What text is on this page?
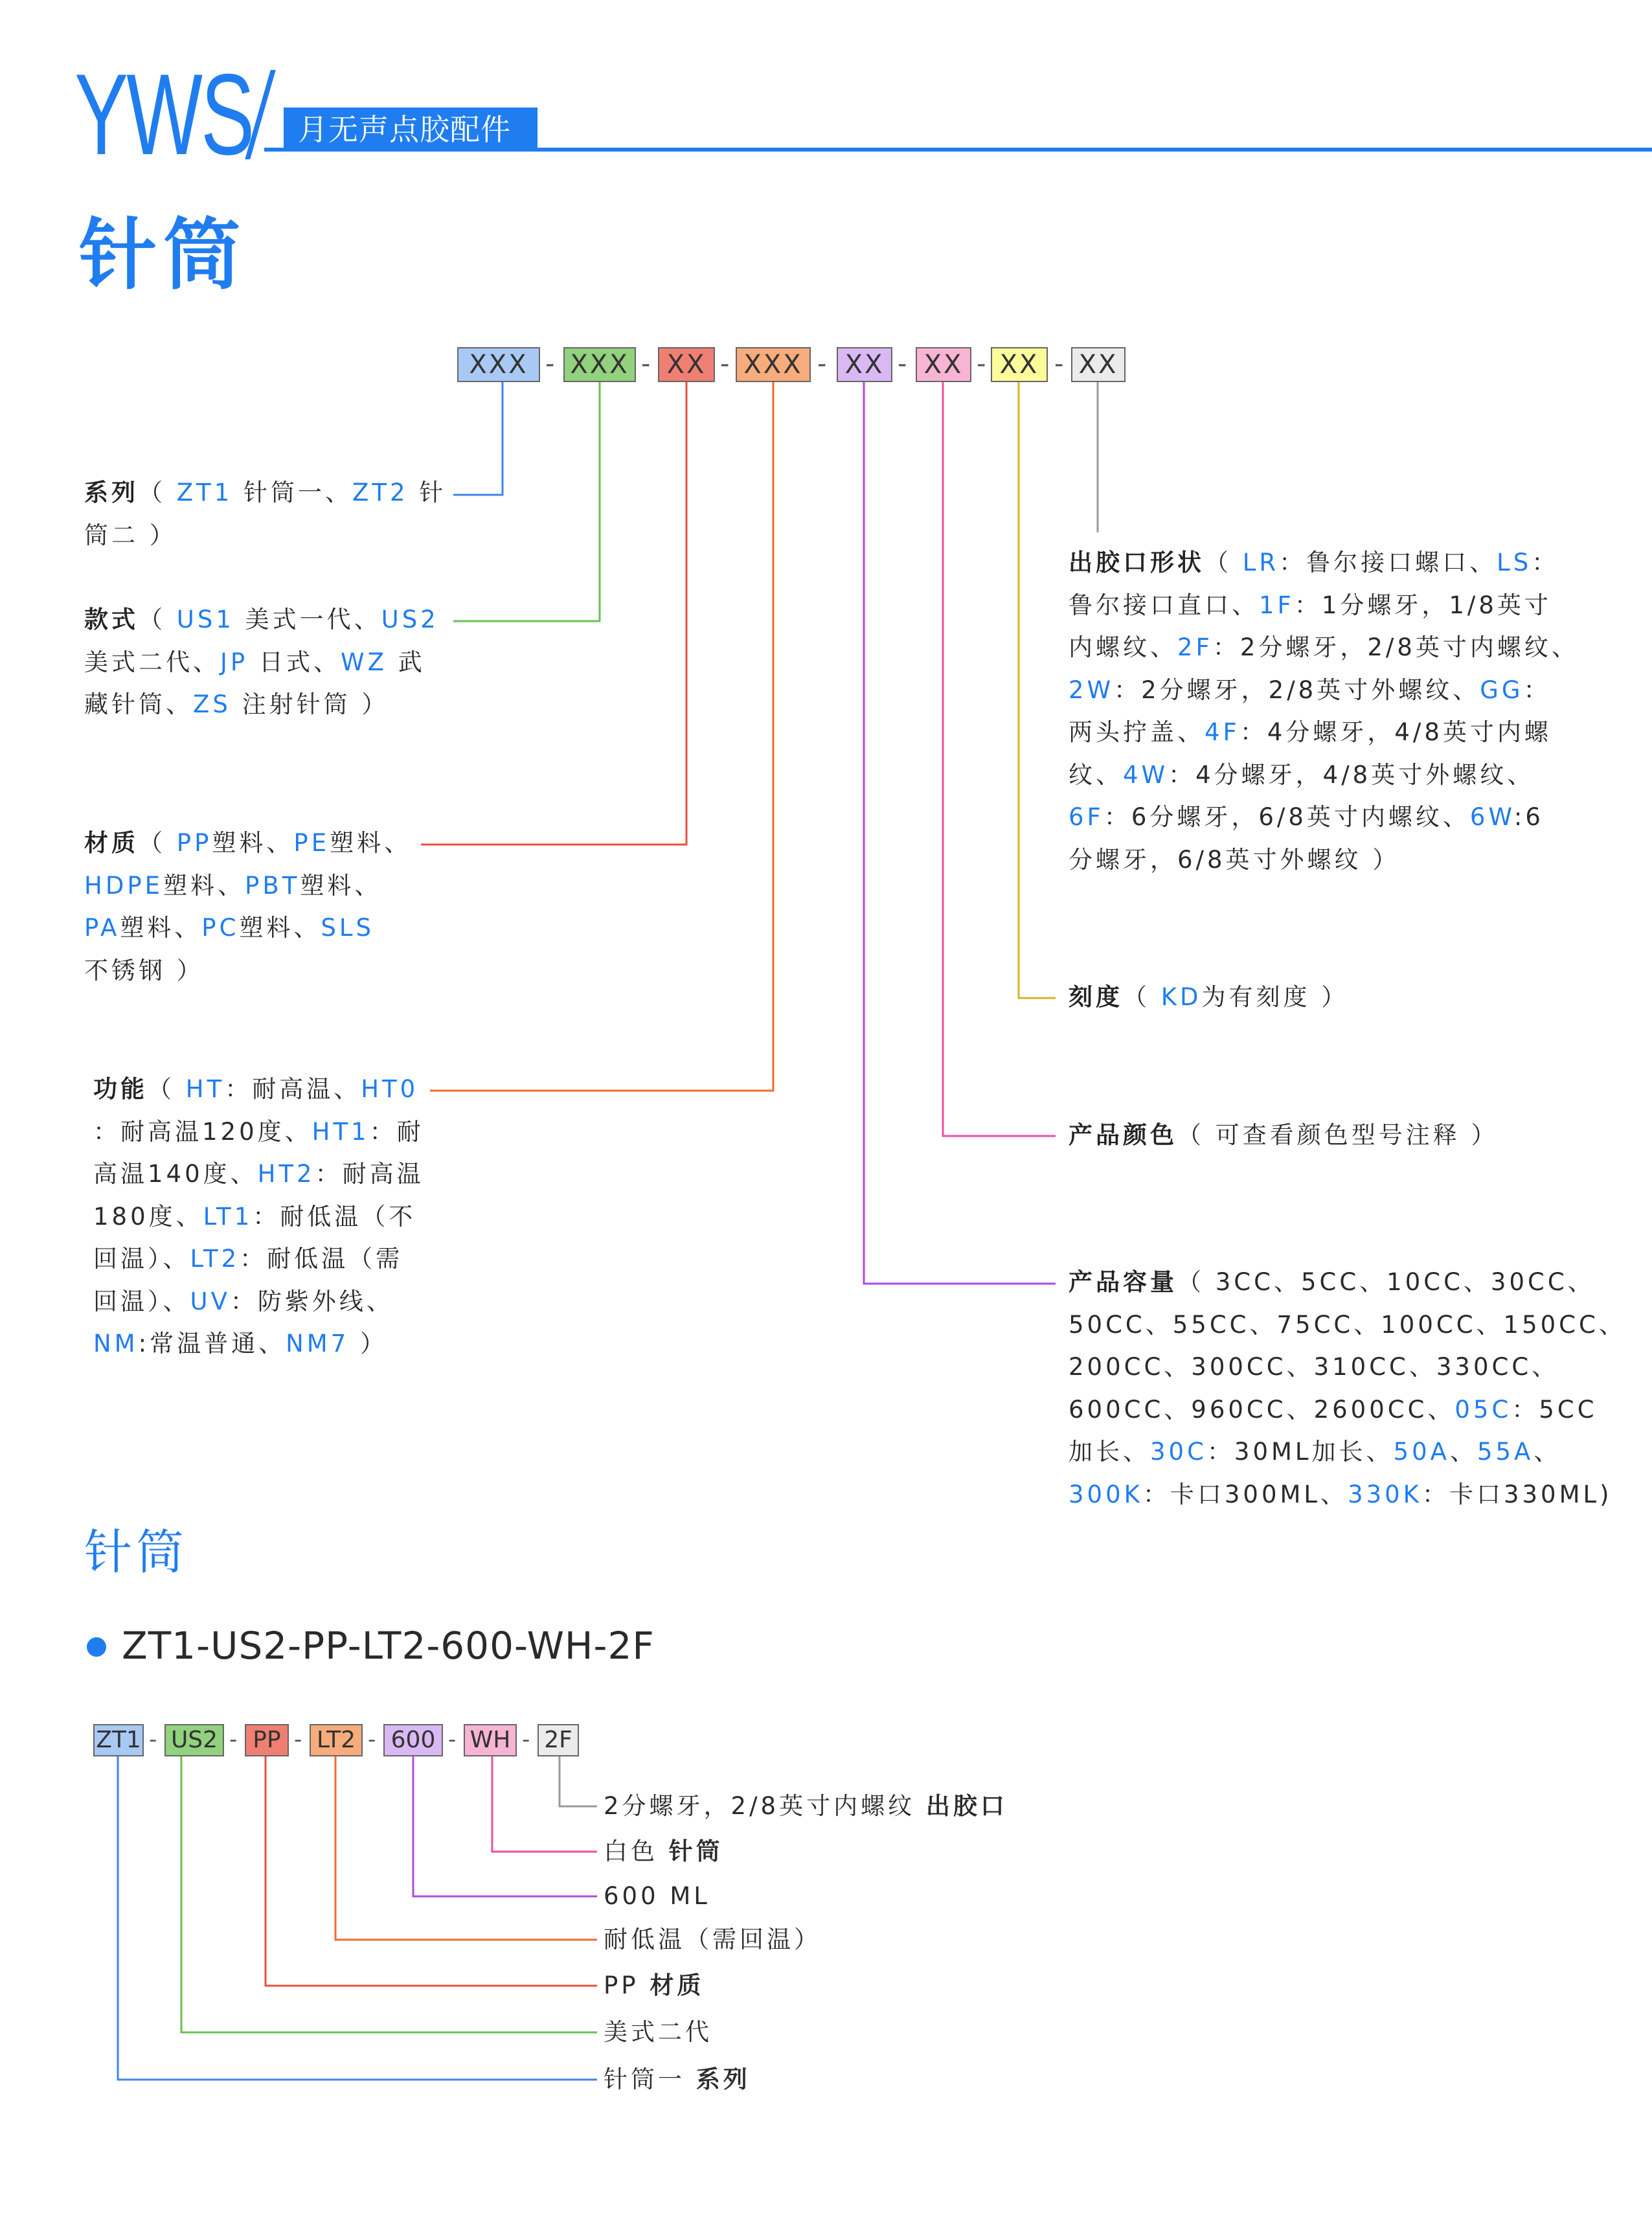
YWS	月无声点胶配件
针筒
XXX - XXX - XX - XXX - XX - XX - XX - XX
系列（ ZT1 针筒一、ZT2 针
筒二 ）
款式（ US1 美式一代、US2
美式二代、JP 日式、WZ 武
藏针筒、ZS 注射针筒 ）
材质（ PP塑料、PE塑料、
HDPE塑料、PBT塑料、
PA塑料、PC塑料、SLS
不锈钢 ）
功能（ HT：耐高温、HT0
：耐高温120度、HT1：耐
高温140度、HT2：耐高温
180度、LT1：耐低温（不
回温）、LT2：耐低温（需
回温）、UV：防紫外线、
NM:常温普通、NM7 ）
出胶口形状（ LR：鲁尔接口螺口、LS：
鲁尔接口直口、1F：1分螺牙，1/8英寸
内螺纹、2F：2分螺牙，2/8英寸内螺纹、
2W：2分螺牙，2/8英寸外螺纹、GG：
两头拧盖、4F：4分螺牙，4/8英寸内螺
纹、4W：4分螺牙，4/8英寸外螺纹、
6F：6分螺牙，6/8英寸内螺纹、6W:6
分螺牙，6/8英寸外螺纹 ）
刻度（ KD为有刻度 ）
产品颜色（ 可查看颜色型号注释 ）
产品容量（ 3CC、5CC、10CC、30CC、
50CC、55CC、75CC、100CC、150CC、
200CC、300CC、310CC、330CC、
600CC、960CC、2600CC、05C：5CC
加长、30C：30ML加长、50A、55A、
300K：卡口300ML、330K：卡口330ML)
针筒
ZT1-US2-PP-LT2-600-WH-2F
ZT1 - US2 - PP - LT2 - 600 - WH - 2F
2分螺牙，2/8英寸内螺纹 出胶口
白色 针筒
600 ML
耐低温（需回温）
PP 材质
美式二代
针筒一 系列
